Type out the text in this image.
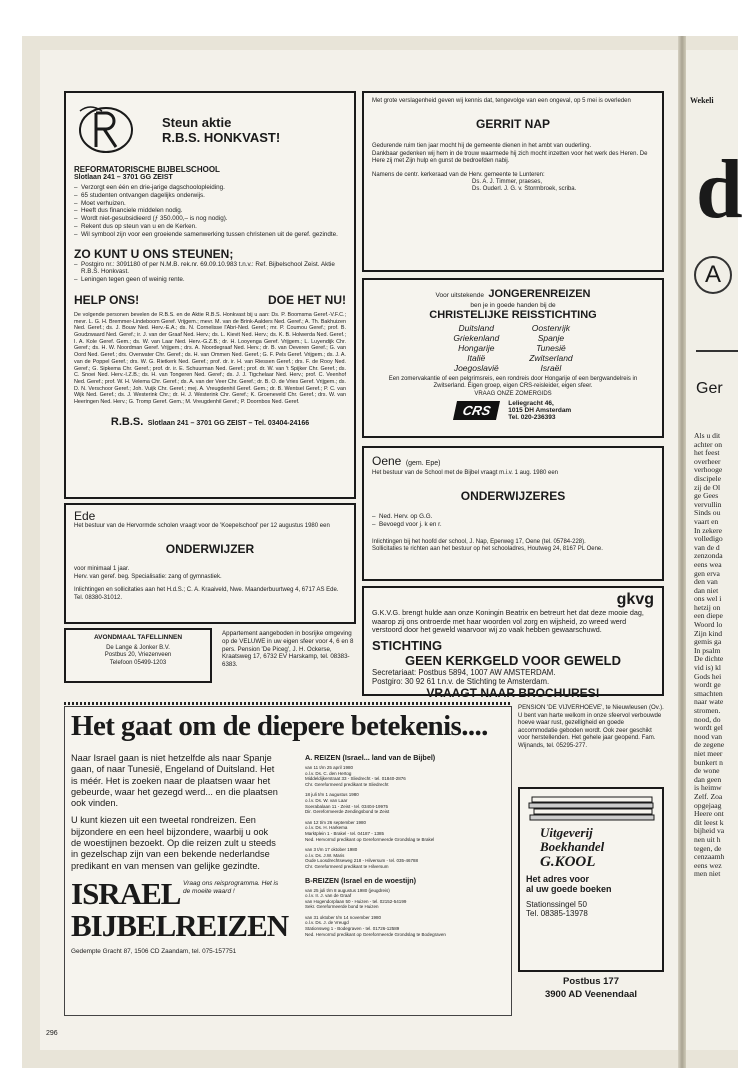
Steun aktie
R.B.S. HONKVAST!
REFORMATORISCHE BIJBELSCHOOL
Slotlaan 241 – 3701 GG ZEIST
– Verzorgt een één en drie-jarige dagschoolopleiding.
– 65 studenten ontvangen dagelijks onderwijs.
– Moet verhuizen.
– Heeft dus financiele middelen nodig.
– Wordt niet-gesubsidieerd (ƒ 350.000,– is nog nodig).
– Rekent dus op steun van u en de Kerken.
– Wil symbool zijn voor een groeiende samenwerking tussen christenen uit de geref. gezindte.
ZO KUNT U ONS STEUNEN;
– Postgiro nr.: 3091180 of per N.M.B. rek.nr. 69.09.10.983 t.n.v.: Ref. Bijbelschool Zeist. Aktie R.B.S. Honkvast.
– Leningen tegen geen of weinig rente.
HELP ONS!	DOE HET NU!
De volgende personen bevelen de R.B.S. en de Aktie R.B.S. Honkvast bij u aan: Ds. P. Boomsma Geref.-V.F.C.; mevr. L. G. H. Bremmer-Lindeboom Geref. Vrijgem.; mevr. M. van de Brink-Aalders Ned. Geref.; A. Th. Bakhuizen Ned. Geref.; ds. J. Bouw Ned. Herv.-E.A.; ds. N. Cornelisse l'Abri-Ned. Geref.; mr. P. Coumou Geref.; prof. B. Goudzwaard Ned. Geref.; ir. J. van der Graaf Ned. Herv.; ds. L. Kievit Ned. Herv.; ds. K. B. Holwerda Ned. Geref.; I. A. Kole Geref. Gem.; ds. W. van Laar Ned. Herv.-G.Z.B.; dr. H. Looyenga Geref. Vrijgem.; L. Luyendijk Chr. Geref.; ds. H. W. Noordman Geref. Vrijgem.; drs. A. Noordegraaf Ned. Herv.; dr. B. van Oeveren Geref.; G. van Oord Ned. Geref.; drs. Overwater Chr. Geref.; ds. H. van Ommen Ned. Geref.; G. F. Pels Geref. Vrijgem.; ds. J. A. van de Poppel Geref.; drs. W. G. Rietkerk Ned. Geref.; prof. dr. ir. H. van Riessen Geref.; drs. F. de Rooy Ned. Geref.; G. Sipkema Chr. Geref.; prof. dr. ir. E. Schuurman Ned. Geref.; prof. dr. W. van 't Spijker Chr. Geref.; ds. C. Snoei Ned. Herv.-I.Z.B.; ds. H. van Tongeren Ned. Geref.; ds. J. J. Tigchelaar Ned. Herv.; prof. C. Veenhof Ned. Geref.; prof. W. H. Velema Chr. Geref.; ds. A. van der Veer Chr. Geref.; dr. B. O. de Vries Geref. Vrijgem.; ds. D. N. Verschoor Geref.; Joh. Vuijk Chr. Geref.; mej. A. Vreugdenhil Geref. Gem.; dr. B. Wentsel Geref.; P. C. van Wijk Ned. Geref.; ds. J. Westerink Chr.; dr. H. J. Westerink Chr. Geref.; K. Groeneveld Chr. Geref.; drs. W. van Heeringen Ned. Herv.; G. Tromp Geref. Gem.; M. Vreugdenhil Geref.; P. Doornbos Ned. Geref.
R.B.S. Slotlaan 241 – 3701 GG ZEIST – Tel. 03404-24166
Ede
Het bestuur van de Hervormde scholen vraagt voor de 'Koepelschool' per 12 augustus 1980 een
ONDERWIJZER
voor minimaal 1 jaar.
Herv. van geref. beg. Specialisatie: zang of gymnastiek.
Inlichtingen en sollicitaties aan het H.d.S.; C. A. Kraaiveld, Nwe. Maanderbuurtweg 4, 6717 AS Ede. Tel. 08380-31012.
AVONDMAAL TAFELLINNEN
De Lange & Jonker B.V.
Postbus 20, Vriezenveen
Telefoon 05499-1203
Appartement aangeboden in bosrijke omgeving op de VELUWE in uw eigen sfeer voor 4, 6 en 8 pers. Pension 'De Piceg', J. H. Ockerse, Kraatsweg 17, 6732 EV Harskamp, tel. 08383-6383.
Met grote verslagenheid geven wij kennis dat, tengevolge van een ongeval, op 5 mei is overleden
GERRIT NAP
Gedurende ruim tien jaar mocht hij de gemeente dienen in het ambt van ouderling.
Dankbaar gedenken wij hem in de trouw waarmede hij zich mocht inzetten voor het werk des Heren. De Here zij met Zijn hulp en gunst de bedroefden nabij.
Namens de centr. kerkeraad van de Herv. gemeente te Lunteren:
Ds. A. J. Timmer, praeses,
Ds. Ouderl. J. G. v. Stormbroek, scriba.
Voor uitstekende JONGERENREIZEN
ben je in goede handen bij de
CHRISTELIJKE REISSTICHTING
Duitsland
Griekenland
Hongarije
Italië
Joegoslavië
Oostenrijk
Spanje
Tunesië
Zwitserland
Israël
Een zomervakantie of een pelgrimsreis, een rondreis door Hongarije of een bergwandelreis in Zwitserland. Eigen groep, eigen CRS-reisleider, eigen sfeer.
VRAAG ONZE ZOMERGIDS
CRS	Leliegracht 46,
1015 DH Amsterdam
Tel. 020-236393
Oene (gem. Epe)
Het bestuur van de School met de Bijbel vraagt m.i.v. 1 aug. 1980 een
ONDERWIJZERES
– Ned. Herv. op G.G.
– Bevoegd voor j. k en r.
Inlichtingen bij het hoofd der school, J. Nap, Eperweg 17, Oene (tel. 05784-228).
Sollicitaties te richten aan het bestuur op het schooladres, Houtweg 24, 8167 PL Oene.
gkvg
G.K.V.G. brengt hulde aan onze Koningin Beatrix en betreurt het dat deze mooie dag, waarop zij ons ontroerde met haar woorden vol zorg en wijsheid, zo wreed werd verstoord door het geweld waarvoor wij zo vaak hebben gewaarschuwd.
STICHTING
GEEN KERKGELD VOOR GEWELD
Secretariaat: Postbus 5894, 1007 AW AMSTERDAM.
Postgiro: 30 92 61 t.n.v. de Stichting te Amsterdam.
VRAAGT NAAR BROCHURES!
Het gaat om de diepere betekenis....
Naar Israel gaan is niet hetzelfde als naar Spanje gaan, of naar Tunesië, Engeland of Duitsland. Het is méér. Het is zoeken naar de plaatsen waar het gebeurde, waar het gezegd werd... en die plaatsen ook vinden.
U kunt kiezen uit een tweetal rondreizen. Een bijzondere en een heel bijzondere, waarbij u ook de woestijnen bezoekt. Op die reizen zult u steeds in gezelschap zijn van een bekende nederlandse predikant en van mensen van gelijke gezindte.
ISRAEL Vraag ons reisprogramma. Het is de moeite waard !
BIJBELREIZEN
Gedempte Gracht 87, 1506 CD Zaandam, tel. 075-157751
A. REIZEN (Israel... land van de Bijbel)
van 11 t/m 25 april 1980
o.l.v. Ds. C. den Hertog
Middeldijkerstraat 33 - Sliedrecht - tel. 01840-2876
Chr. Gereformeerd predikant te Sliedrecht
18 juli t/m 1 augustus 1980
o.l.v. Ds. W. van Laar
Soerabalaan 11 - Zeist - tel. 03404-19975
Dir. Gereformeerde Zendingsbond te Zeist
van 12 t/m 26 september 1980
o.l.v. Ds. H. Harkema
Marktplein 1 - Brakel - tel. 04187 - 1385
Ned. Hervormd predikant op Gereformeerde Grondslag te Brakel
van 3 t/m 17 oktober 1980
o.l.v. Ds. J.W. Maris
Oude Loosdrechtseweg 218 - Hilversum - tel. 035-46788
Chr. Gereformeerd predikant te Hilversum
B-REIZEN (Israel en de woestijn)
van 25 juli t/m 8 augustus 1980 (jeugdreis)
o.l.v. Ir. J. van de Graaf
van Hogendorplaan 50 - Huizen - tel. 02152-54199
Sekr. Gereformeerde bond te Huizen
van 31 oktober t/m 14 november 1980
o.l.v. Ds. J. de Vreugd
Stationsweg 1 - Bodegraven - tel. 01726-12589
Ned. Hervormd predikant op Gereformeerde Grondslag te Bodegraven
PENSION 'DE VIJVERHOEVE', te Nieuwleusen (Ov.). U bent van harte welkom in onze sfeervol verbouwde hoeve waar rust, gezelligheid en goede accommodatie geboden wordt. Ook zeer geschikt voor herstellenden. Het gehele jaar geopend. Fam. Wijnands, tel. 05295-277.
Uitgeverij
Boekhandel
G.KOOL
Het adres voor
al uw goede boeken
Stationssingel 50
Tel. 08385-13978
Postbus 177
3900 AD Veenendaal
296
Wekeli
d
A
Ger
Als u dit
achter on
het feest
overheer
verhooge
discipele
zij de Ol
ge Gees
vervullin
Sinds ou
vaart en
In zekere
volledigo
van de d
zenzonda
eens wea
gen erva
den van
dan niet
ons wel i
hetzij on
een diepe
Woord lo
Zijn kind
gemis ga
In psalm
De dichte
vid is) kl
Gods hei
wordt ge
smachten
naar wate
stromen.
nood, do
wordt gel
nood van
de zegene
niet meer
bunkert n
de wone
dan geen
is heimw
Zelf. Zoa
opgejaag
Heere ont
dit leest k
bijheid va
nen uit h
tegen, de
cenzaamh
eens wez
men niet
